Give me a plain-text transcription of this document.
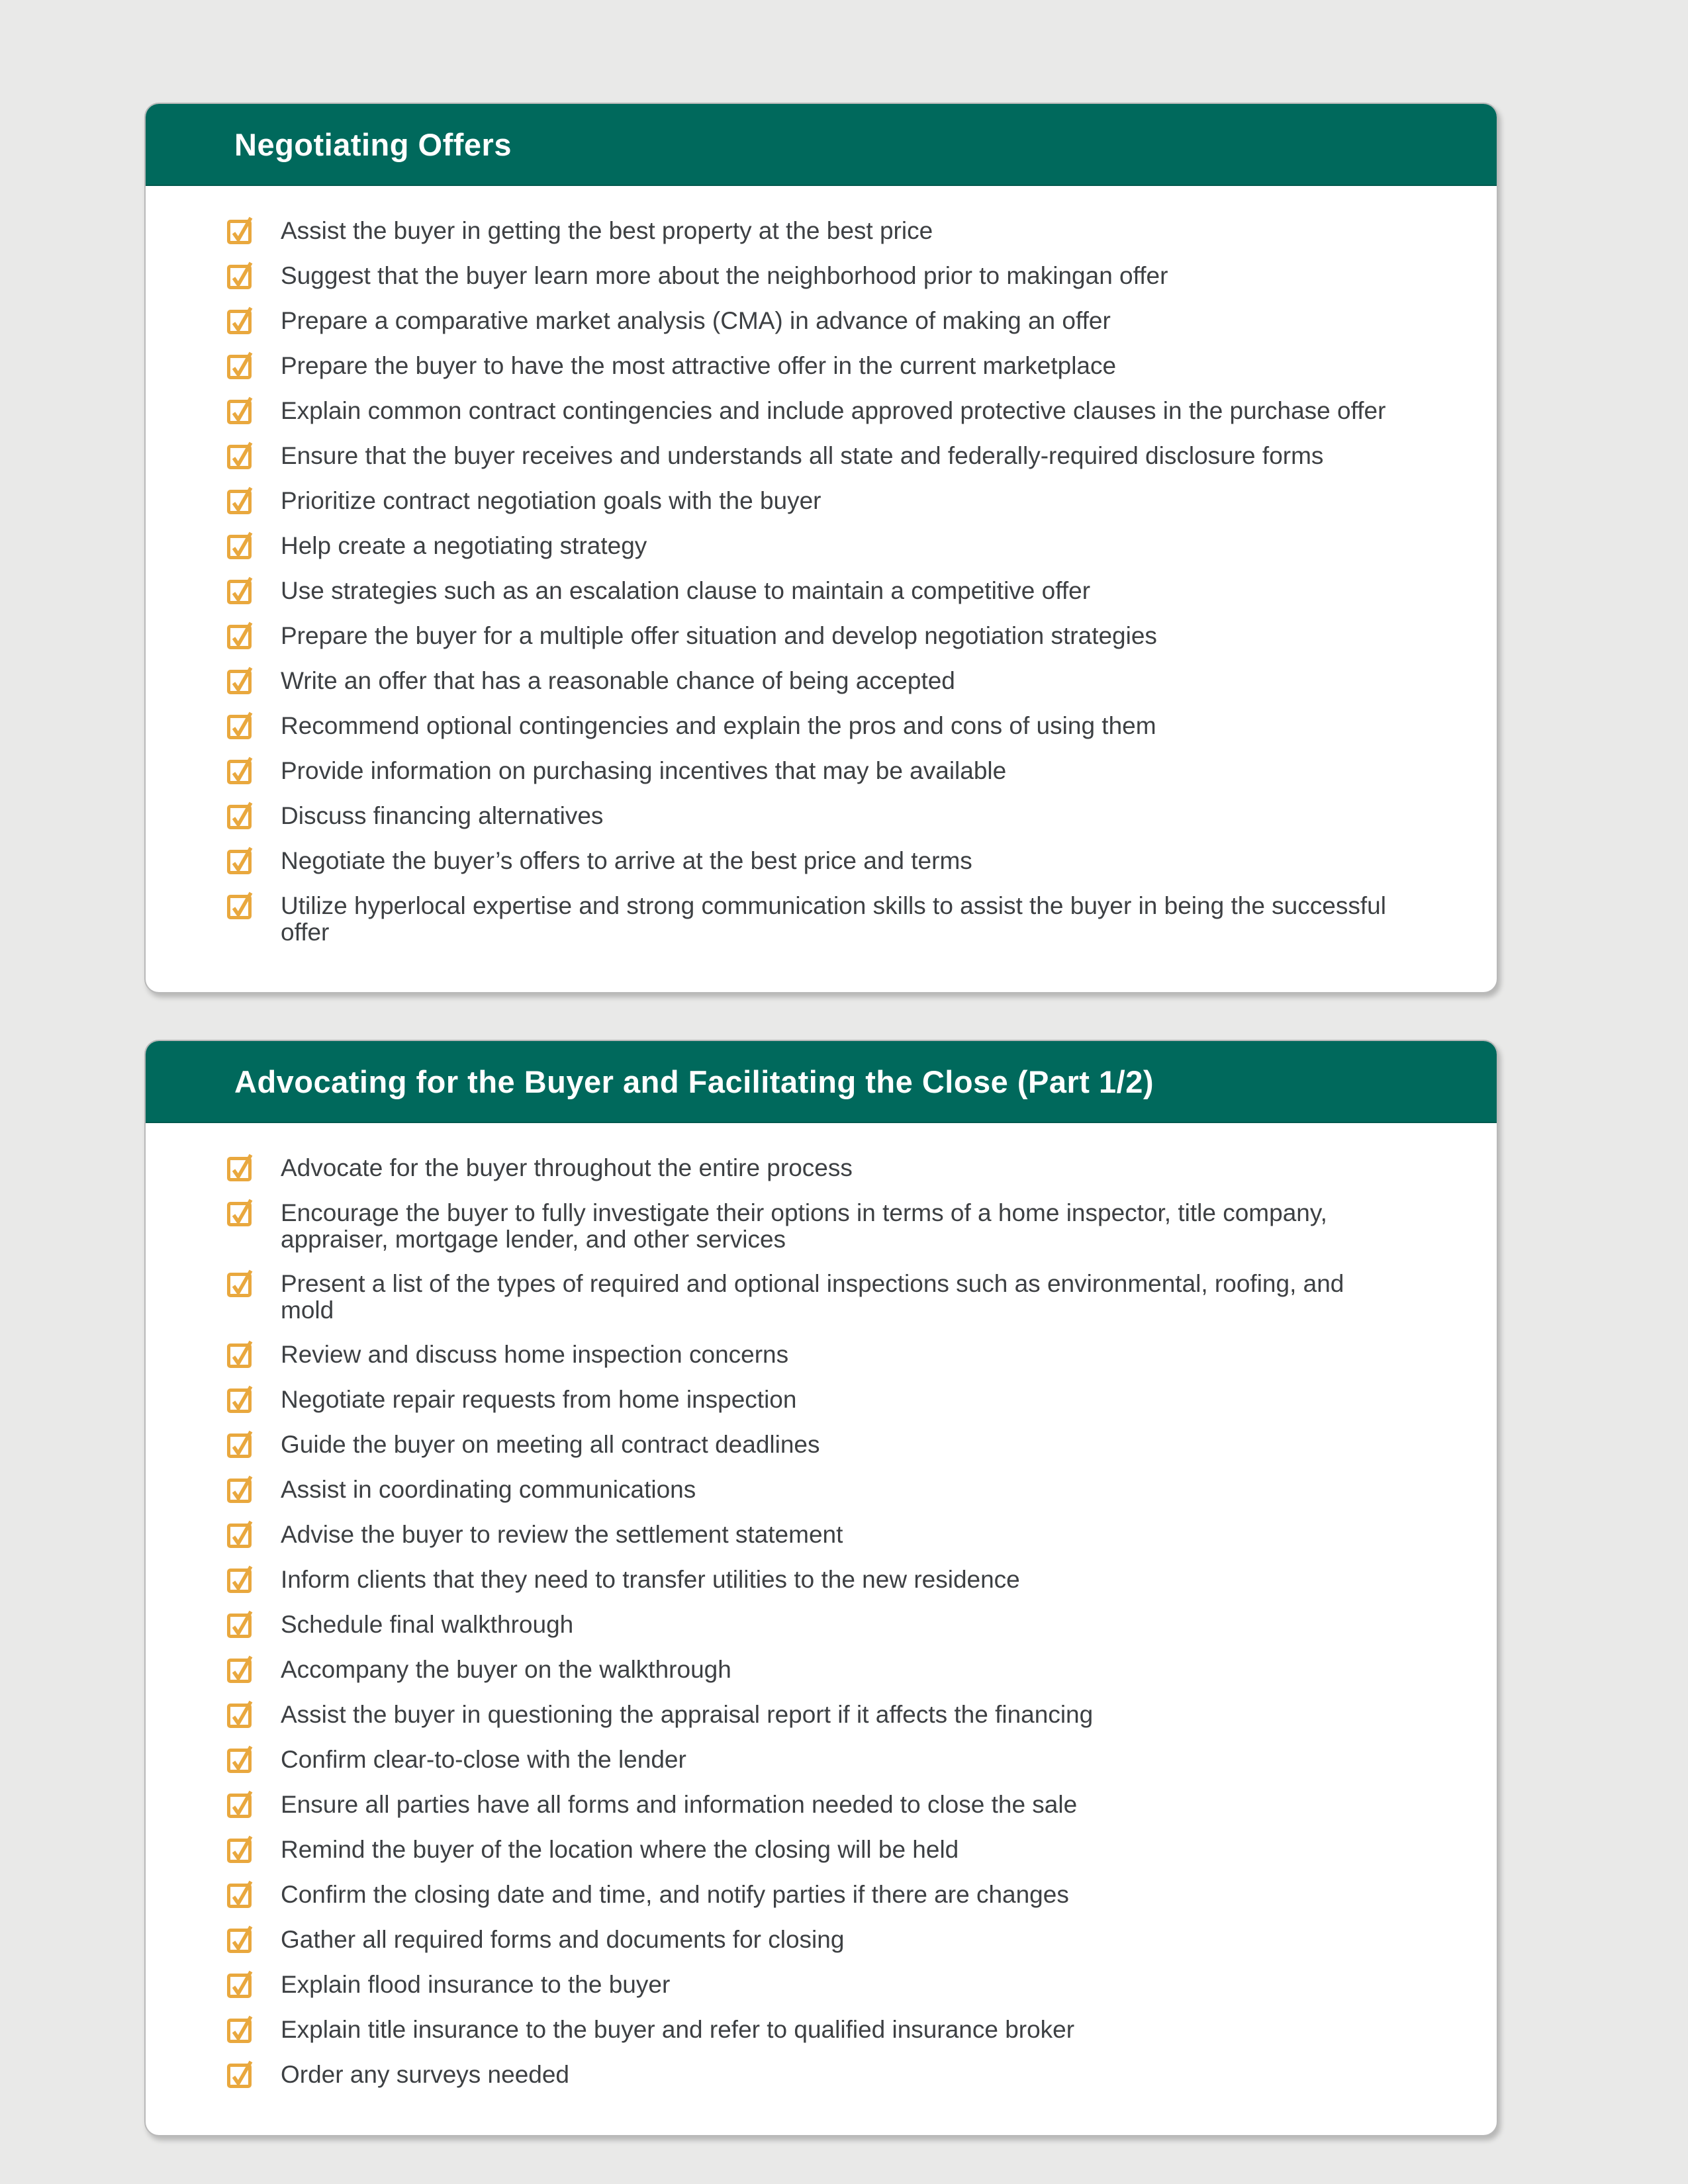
Negotiating Offers
Assist the buyer in getting the best property at the best price
Suggest that the buyer learn more about the neighborhood prior to makingan offer
Prepare a comparative market analysis (CMA) in advance of making an offer
Prepare the buyer to have the most attractive offer in the current marketplace
Explain common contract contingencies and include approved protective clauses in the purchase offer
Ensure that the buyer receives and understands all state and federally-required disclosure forms
Prioritize contract negotiation goals with the buyer
Help create a negotiating strategy
Use strategies such as an escalation clause to maintain a competitive offer
Prepare the buyer for a multiple offer situation and develop negotiation strategies
Write an offer that has a reasonable chance of being accepted
Recommend optional contingencies and explain the pros and cons of using them
Provide information on purchasing incentives that may be available
Discuss financing alternatives
Negotiate the buyer’s offers to arrive at the best price and terms
Utilize hyperlocal expertise and strong communication skills to assist the buyer in being the successful offer
Advocating for the Buyer and Facilitating the Close (Part 1/2)
Advocate for the buyer throughout the entire process
Encourage the buyer to fully investigate their options in terms of a home inspector, title company, appraiser, mortgage lender, and other services
Present a list of the types of required and optional inspections such as environmental, roofing, and mold
Review and discuss home inspection concerns
Negotiate repair requests from home inspection
Guide the buyer on meeting all contract deadlines
Assist in coordinating communications
Advise the buyer to review the settlement statement
Inform clients that they need to transfer utilities to the new residence
Schedule final walkthrough
Accompany the buyer on the walkthrough
Assist the buyer in questioning the appraisal report if it affects the financing
Confirm clear-to-close with the lender
Ensure all parties have all forms and information needed to close the sale
Remind the buyer of the location where the closing will be held
Confirm the closing date and time, and notify parties if there are changes
Gather all required forms and documents for closing
Explain flood insurance to the buyer
Explain title insurance to the buyer and refer to qualified insurance broker
Order any surveys needed
